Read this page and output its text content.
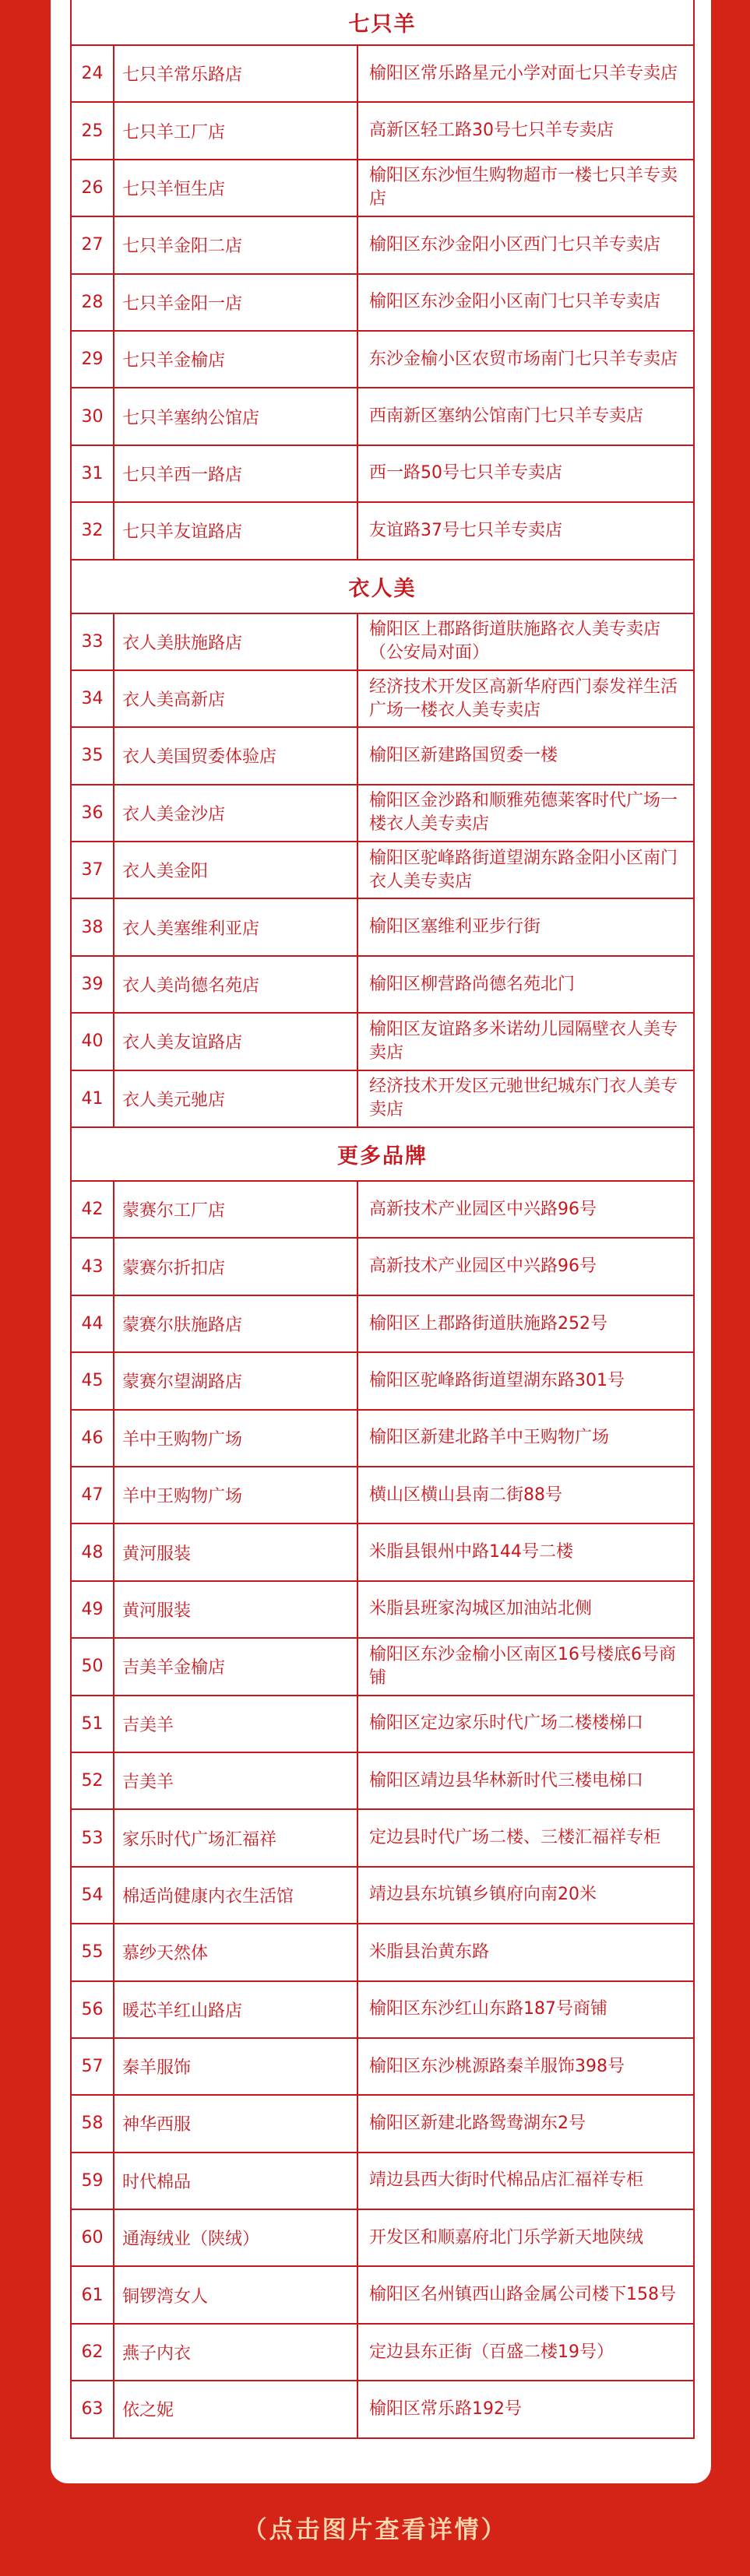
七只羊		
24	七只羊常乐路店	榆阳区常乐路星元小学对面七只羊专卖店
25	七只羊工厂店	高新区轻工路30号七只羊专卖店
26	七只羊恒生店	榆阳区东沙恒生购物超市一楼七只羊专卖店
27	七只羊金阳二店	榆阳区东沙金阳小区西门七只羊专卖店
28	七只羊金阳一店	榆阳区东沙金阳小区南门七只羊专卖店
29	七只羊金榆店	东沙金榆小区农贸市场南门七只羊专卖店
30	七只羊塞纳公馆店	西南新区塞纳公馆南门七只羊专卖店
31	七只羊西一路店	西一路50号七只羊专卖店
32	七只羊友谊路店	友谊路37号七只羊专卖店
衣人美		
33	衣人美肤施路店	榆阳区上郡路街道肤施路衣人美专卖店（公安局对面）
34	衣人美高新店	经济技术开发区高新华府西门泰发祥生活广场一楼衣人美专卖店
35	衣人美国贸委体验店	榆阳区新建路国贸委一楼
36	衣人美金沙店	榆阳区金沙路和顺雅苑德莱客时代广场一楼衣人美专卖店
37	衣人美金阳	榆阳区驼峰路街道望湖东路金阳小区南门衣人美专卖店
38	衣人美塞维利亚店	榆阳区塞维利亚步行街
39	衣人美尚德名苑店	榆阳区柳营路尚德名苑北门
40	衣人美友谊路店	榆阳区友谊路多米诺幼儿园隔壁衣人美专卖店
41	衣人美元驰店	经济技术开发区元驰世纪城东门衣人美专卖店
更多品牌		
42	蒙赛尔工厂店	高新技术产业园区中兴路96号
43	蒙赛尔折扣店	高新技术产业园区中兴路96号
44	蒙赛尔肤施路店	榆阳区上郡路街道肤施路252号
45	蒙赛尔望湖路店	榆阳区驼峰路街道望湖东路301号
46	羊中王购物广场	榆阳区新建北路羊中王购物广场
47	羊中王购物广场	横山区横山县南二街88号
48	黄河服装	米脂县银州中路144号二楼
49	黄河服装	米脂县班家沟城区加油站北侧
50	吉美羊金榆店	榆阳区东沙金榆小区南区16号楼底6号商铺
51	吉美羊	榆阳区定边家乐时代广场二楼楼梯口
52	吉美羊	榆阳区靖边县华林新时代三楼电梯口
53	家乐时代广场汇福祥	定边县时代广场二楼、三楼汇福祥专柜
54	棉适尚健康内衣生活馆	靖边县东坑镇乡镇府向南20米
55	慕纱天然体	米脂县治黄东路
56	暖芯羊红山路店	榆阳区东沙红山东路187号商铺
57	秦羊服饰	榆阳区东沙桃源路秦羊服饰398号
58	神华西服	榆阳区新建北路鸳鸯湖东2号
59	时代棉品	靖边县西大街时代棉品店汇福祥专柜
60	通海绒业（陕绒）	开发区和顺嘉府北门乐学新天地陕绒
61	铜锣湾女人	榆阳区名州镇西山路金属公司楼下158号
62	燕子内衣	定边县东正街（百盛二楼19号）
63	依之妮	榆阳区常乐路192号
（点击图片查看详情）
